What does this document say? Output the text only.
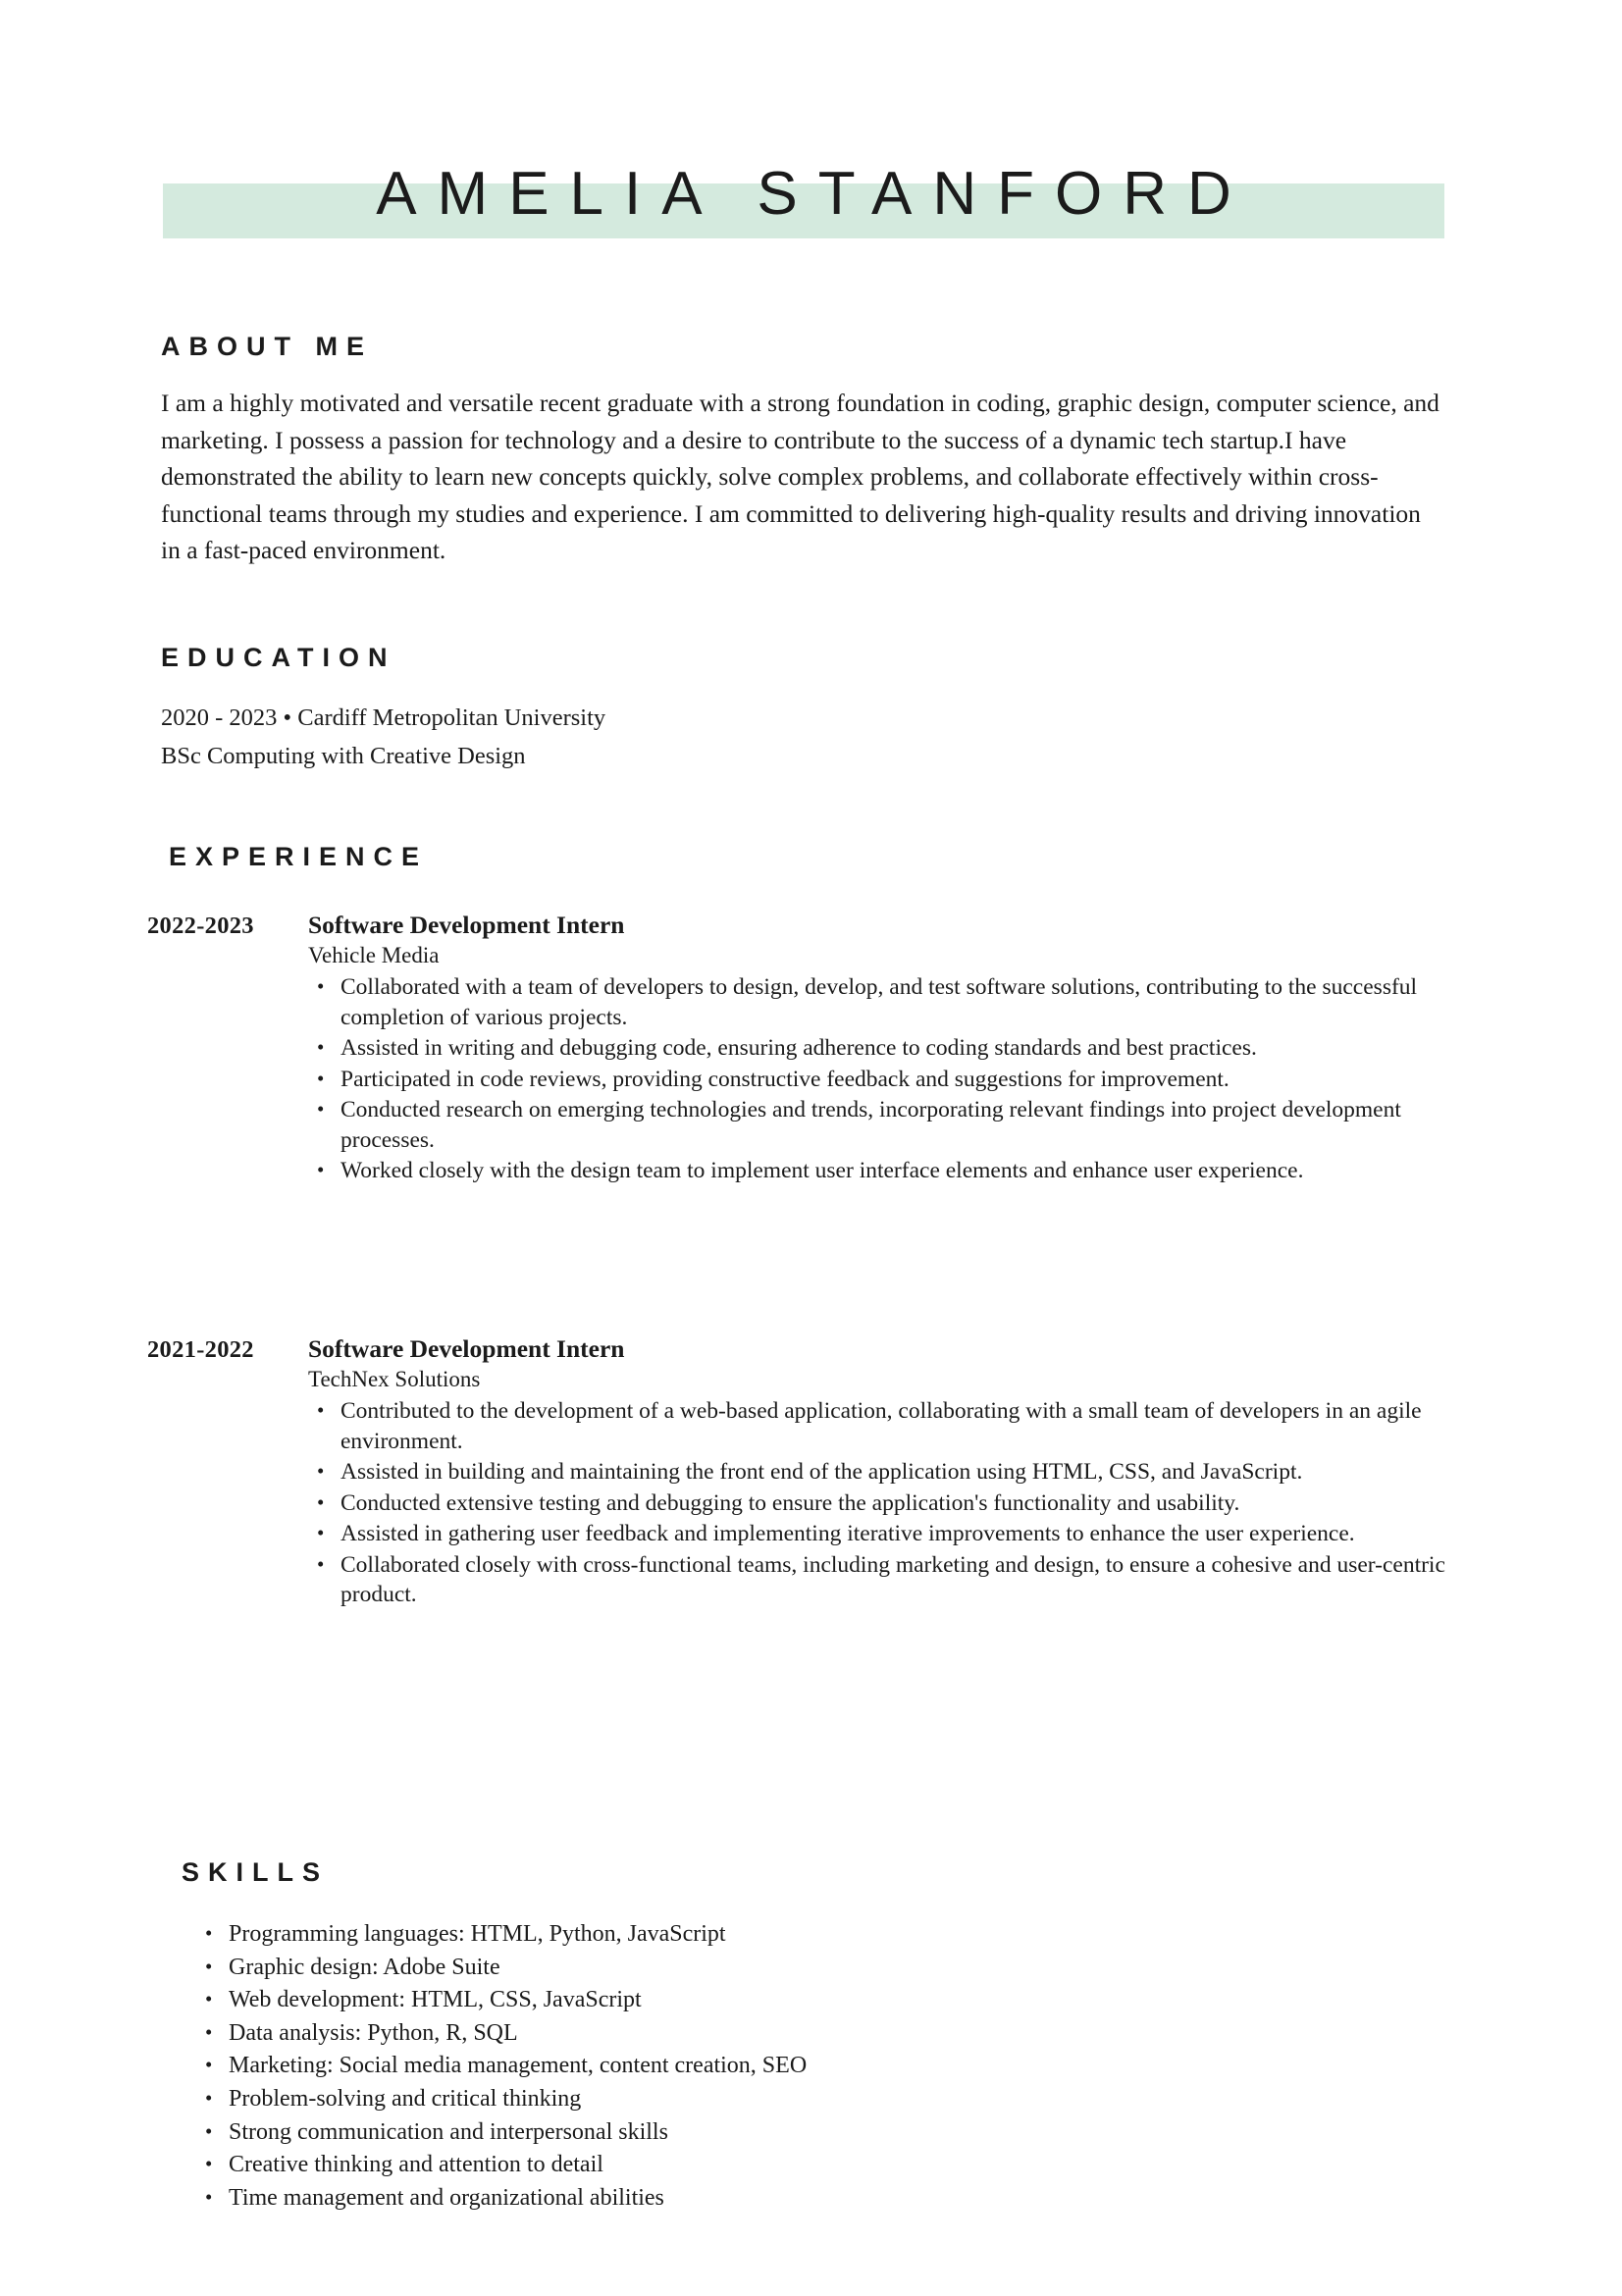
AMELIA STANFORD
ABOUT ME
I am a highly motivated and versatile recent graduate with a strong foundation in coding, graphic design, computer science, and marketing. I possess a passion for technology and a desire to contribute to the success of a dynamic tech startup.I have demonstrated the ability to learn new concepts quickly, solve complex problems, and collaborate effectively within cross-functional teams through my studies and experience. I am committed to delivering high-quality results and driving innovation in a fast-paced environment.
EDUCATION
2020 - 2023 • Cardiff Metropolitan University
BSc Computing with Creative Design
EXPERIENCE
2022-2023	Software Development Intern
Vehicle Media
• Collaborated with a team of developers to design, develop, and test software solutions, contributing to the successful completion of various projects.
• Assisted in writing and debugging code, ensuring adherence to coding standards and best practices.
• Participated in code reviews, providing constructive feedback and suggestions for improvement.
• Conducted research on emerging technologies and trends, incorporating relevant findings into project development processes.
• Worked closely with the design team to implement user interface elements and enhance user experience.
2021-2022	Software Development Intern
TechNex Solutions
• Contributed to the development of a web-based application, collaborating with a small team of developers in an agile environment.
• Assisted in building and maintaining the front end of the application using HTML, CSS, and JavaScript.
• Conducted extensive testing and debugging to ensure the application's functionality and usability.
• Assisted in gathering user feedback and implementing iterative improvements to enhance the user experience.
• Collaborated closely with cross-functional teams, including marketing and design, to ensure a cohesive and user-centric product.
SKILLS
• Programming languages: HTML, Python, JavaScript
• Graphic design: Adobe Suite
• Web development: HTML, CSS, JavaScript
• Data analysis: Python, R, SQL
• Marketing: Social media management, content creation, SEO
• Problem-solving and critical thinking
• Strong communication and interpersonal skills
• Creative thinking and attention to detail
• Time management and organizational abilities
